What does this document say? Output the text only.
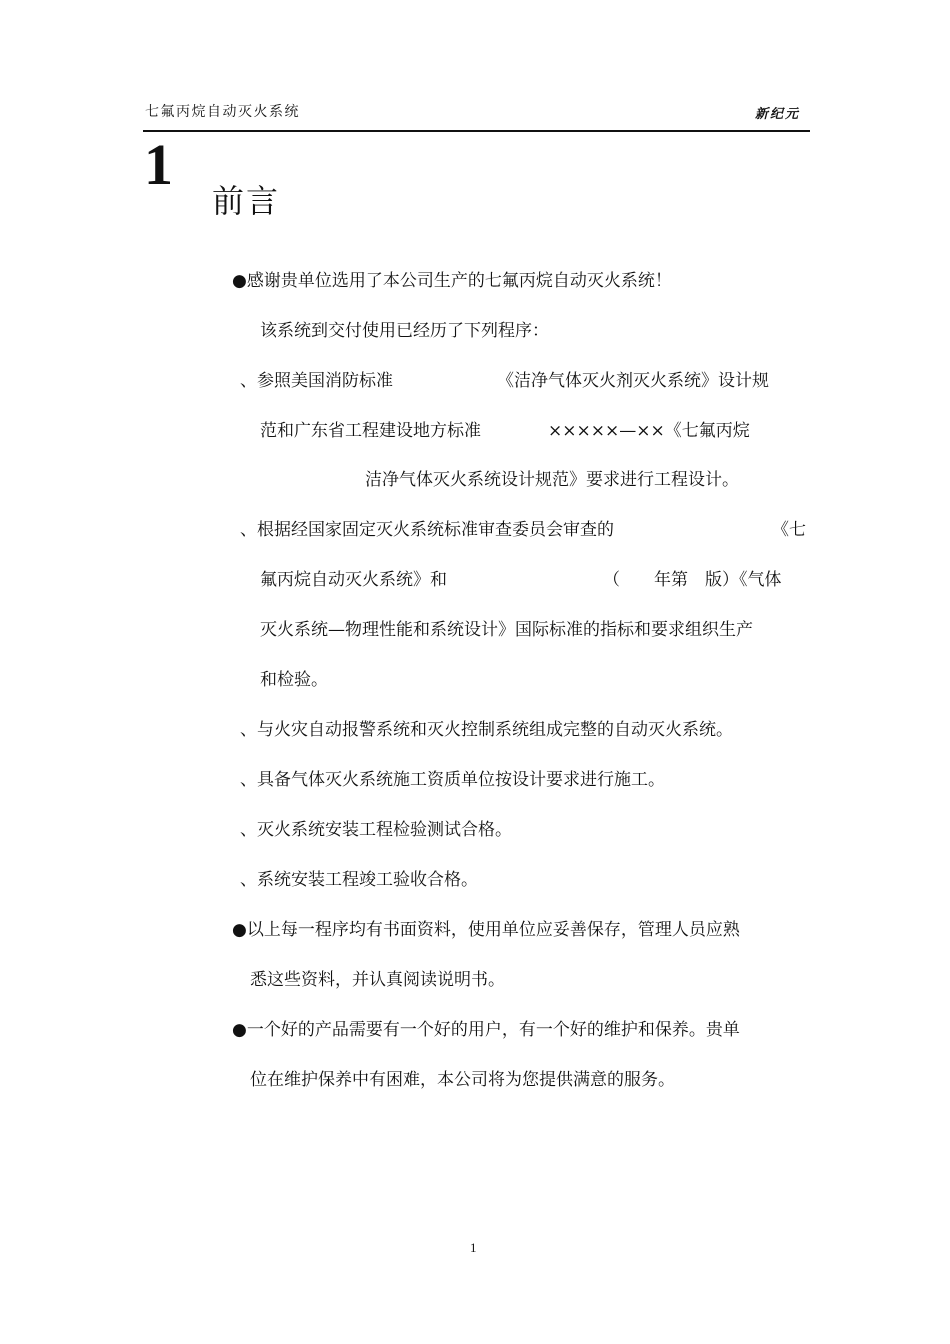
七氟丙烷自动灭火系统	新纪元
1
前言
●感谢贵单位选用了本公司生产的七氟丙烷自动灭火系统！
该系统到交付使用已经历了下列程序：
、参照美国消防标准	《洁净气体灭火剂灭火系统》设计规
范和广东省工程建设地方标准	×××××—××《七氟丙烷
洁净气体灭火系统设计规范》要求进行工程设计。
、根据经国家固定灭火系统标准审查委员会审查的	《七
氟丙烷自动灭火系统》和	（　　年第　版）《气体
灭火系统—物理性能和系统设计》国际标准的指标和要求组织生产
和检验。
、与火灾自动报警系统和灭火控制系统组成完整的自动灭火系统。
、具备气体灭火系统施工资质单位按设计要求进行施工。
、灭火系统安装工程检验测试合格。
、系统安装工程竣工验收合格。
●以上每一程序均有书面资料，使用单位应妥善保存，管理人员应熟
悉这些资料，并认真阅读说明书。
●一个好的产品需要有一个好的用户，有一个好的维护和保养。贵单
位在维护保养中有困难，本公司将为您提供满意的服务。
1
